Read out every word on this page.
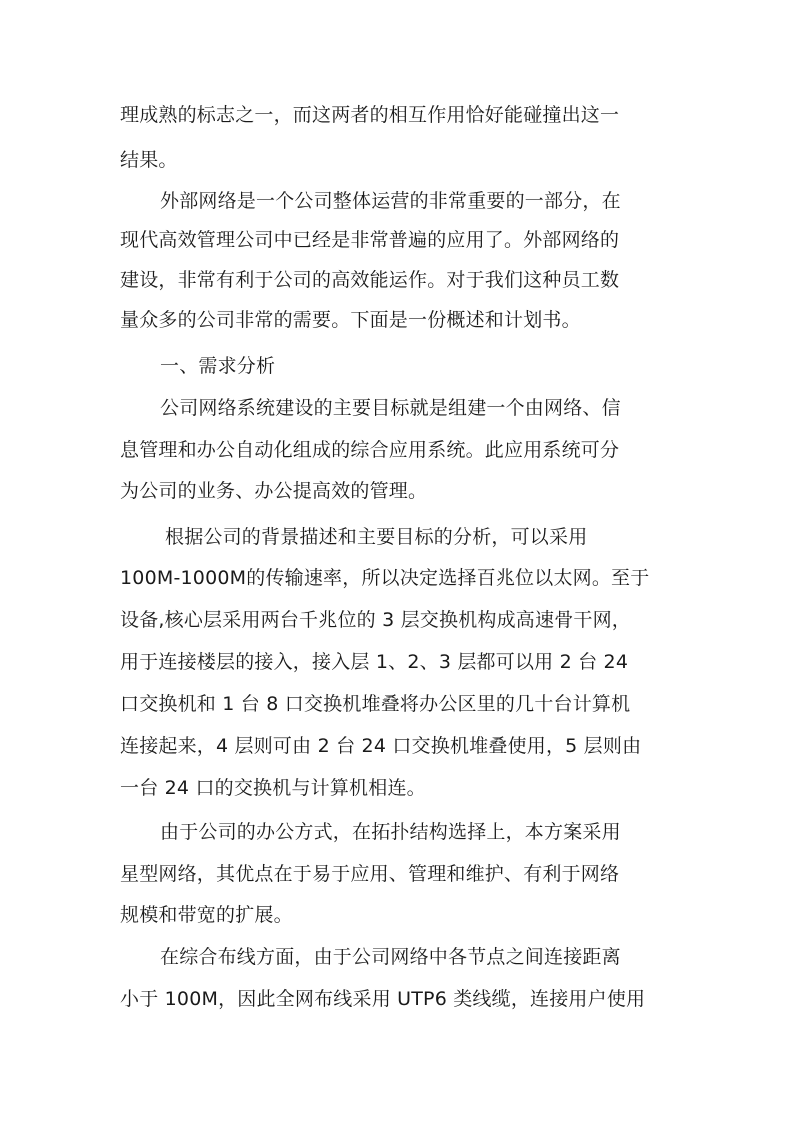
理成熟的标志之一，而这两者的相互作用恰好能碰撞出这一
结果。
外部网络是一个公司整体运营的非常重要的一部分，在
现代高效管理公司中已经是非常普遍的应用了。外部网络的
建设，非常有利于公司的高效能运作。对于我们这种员工数
量众多的公司非常的需要。下面是一份概述和计划书。
一、需求分析
公司网络系统建设的主要目标就是组建一个由网络、信
息管理和办公自动化组成的综合应用系统。此应用系统可分
为公司的业务、办公提高效的管理。
根据公司的背景描述和主要目标的分析，可以采用
100M-1000M的传输速率，所以决定选择百兆位以太网。至于
设备,核心层采用两台千兆位的 3 层交换机构成高速骨干网，
用于连接楼层的接入，接入层 1、2、3 层都可以用 2 台 24
口交换机和 1 台 8 口交换机堆叠将办公区里的几十台计算机
连接起来，4 层则可由 2 台 24 口交换机堆叠使用，5 层则由
一台 24 口的交换机与计算机相连。
由于公司的办公方式，在拓扑结构选择上，本方案采用
星型网络，其优点在于易于应用、管理和维护、有利于网络
规模和带宽的扩展。
在综合布线方面，由于公司网络中各节点之间连接距离
小于 100M，因此全网布线采用 UTP6 类线缆，连接用户使用
